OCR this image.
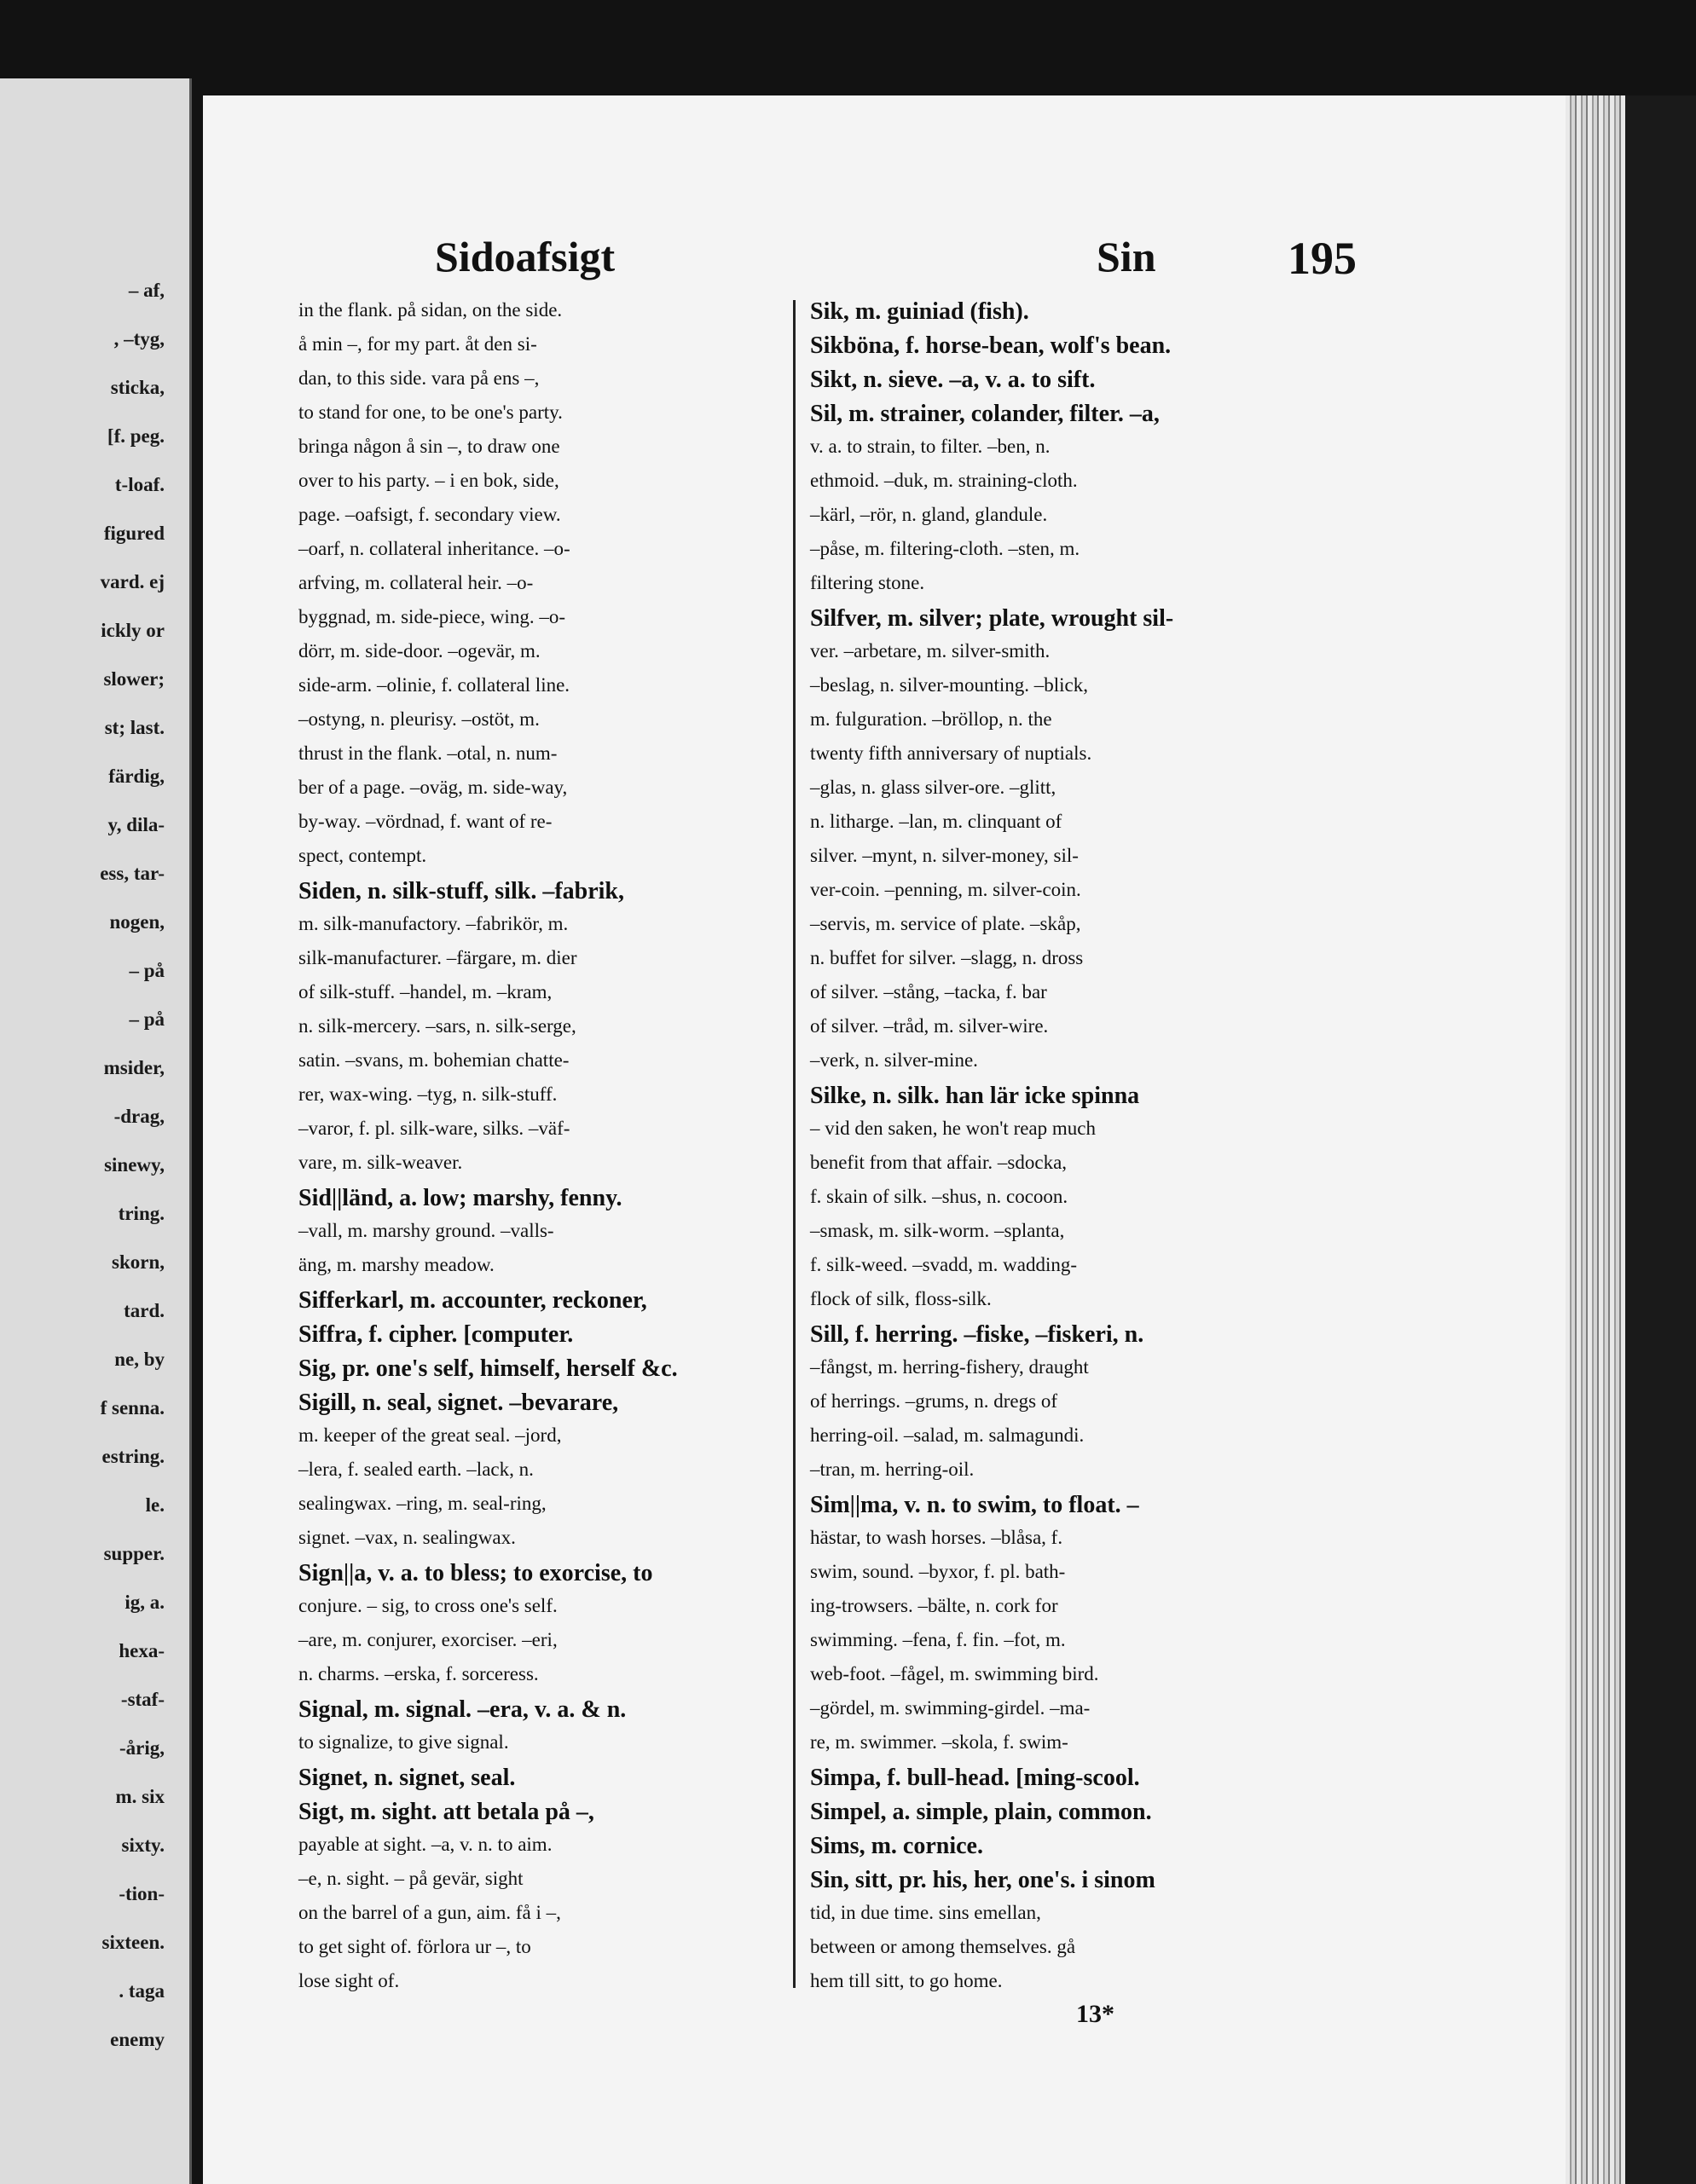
– af,
, –tyg,
sticka,
[f. peg.
t-loaf.
figured
vard. ej
ickly or
slower;
st; last.
färdig,
y, dila-
ess, tar-
nogen,
– på
– på
msider,
-drag,
sinewy,
tring.
skorn,
tard.
ne, by
f senna.
estring.
le.
supper.
ig, a.
hexa-
-staf-
-årig,
m. six
sixty.
-tion-
sixteen.
. taga
enemy
Sidoafsigt	Sin	195
in the flank. på sidan, on the side.
å min –, for my part. åt den si-
dan, to this side. vara på ens –,
to stand for one, to be one's party.
bringa någon å sin –, to draw one
over to his party. – i en bok, side,
page. –oafsigt, f. secondary view.
–oarf, n. collateral inheritance. –o-
arfving, m. collateral heir. –o-
byggnad, m. side-piece, wing. –o-
dörr, m. side-door. –ogevär, m.
side-arm. –olinie, f. collateral line.
–ostyng, n. pleurisy. –ostöt, m.
thrust in the flank. –otal, n. num-
ber of a page. –oväg, m. side-way,
by-way. –vördnad, f. want of re-
spect, contempt.
Siden, n. silk-stuff, silk. –fabrik,
m. silk-manufactory. –fabrikör, m.
silk-manufacturer. –färgare, m. dier
of silk-stuff. –handel, m. –kram,
n. silk-mercery. –sars, n. silk-serge,
satin. –svans, m. bohemian chatte-
rer, wax-wing. –tyg, n. silk-stuff.
–varor, f. pl. silk-ware, silks. –väf-
vare, m. silk-weaver.
Sid||länd, a. low; marshy, fenny.
–vall, m. marshy ground. –valls-
äng, m. marshy meadow.
Sifferkarl, m. accounter, reckoner,
Siffra, f. cipher. [computer.
Sig, pr. one's self, himself, herself &c.
Sigill, n. seal, signet. –bevarare,
m. keeper of the great seal. –jord,
–lera, f. sealed earth. –lack, n.
sealingwax. –ring, m. seal-ring,
signet. –vax, n. sealingwax.
Sign||a, v. a. to bless; to exorcise, to
conjure. – sig, to cross one's self.
–are, m. conjurer, exorciser. –eri,
n. charms. –erska, f. sorceress.
Signal, m. signal. –era, v. a. & n.
to signalize, to give signal.
Signet, n. signet, seal.
Sigt, m. sight. att betala på –,
payable at sight. –a, v. n. to aim.
–e, n. sight. – på gevär, sight
on the barrel of a gun, aim. få i –,
to get sight of. förlora ur –, to
lose sight of.
Sik, m. guiniad (fish).
Sikböna, f. horse-bean, wolf's bean.
Sikt, n. sieve. –a, v. a. to sift.
Sil, m. strainer, colander, filter. –a,
v. a. to strain, to filter. –ben, n.
ethmoid. –duk, m. straining-cloth.
–kärl, –rör, n. gland, glandule.
–påse, m. filtering-cloth. –sten, m.
filtering stone.
Silfver, m. silver; plate, wrought sil-
ver. –arbetare, m. silver-smith.
–beslag, n. silver-mounting. –blick,
m. fulguration. –bröllop, n. the
twenty fifth anniversary of nuptials.
–glas, n. glass silver-ore. –glitt,
n. litharge. –lan, m. clinquant of
silver. –mynt, n. silver-money, sil-
ver-coin. –penning, m. silver-coin.
–servis, m. service of plate. –skåp,
n. buffet for silver. –slagg, n. dross
of silver. –stång, –tacka, f. bar
of silver. –tråd, m. silver-wire.
–verk, n. silver-mine.
Silke, n. silk. han lär icke spinna
– vid den saken, he won't reap much
benefit from that affair. –sdocka,
f. skain of silk. –shus, n. cocoon.
–smask, m. silk-worm. –splanta,
f. silk-weed. –svadd, m. wadding-
flock of silk, floss-silk.
Sill, f. herring. –fiske, –fiskeri, n.
–fångst, m. herring-fishery, draught
of herrings. –grums, n. dregs of
herring-oil. –salad, m. salmagundi.
–tran, m. herring-oil.
Sim||ma, v. n. to swim, to float. –
hästar, to wash horses. –blåsa, f.
swim, sound. –byxor, f. pl. bath-
ing-trowsers. –bälte, n. cork for
swimming. –fena, f. fin. –fot, m.
web-foot. –fågel, m. swimming bird.
–gördel, m. swimming-girdel. –ma-
re, m. swimmer. –skola, f. swim-
Simpa, f. bull-head. [ming-scool.
Simpel, a. simple, plain, common.
Sims, m. cornice.
Sin, sitt, pr. his, her, one's. i sinom
tid, in due time. sins emellan,
between or among themselves. gå
hem till sitt, to go home.
13*
